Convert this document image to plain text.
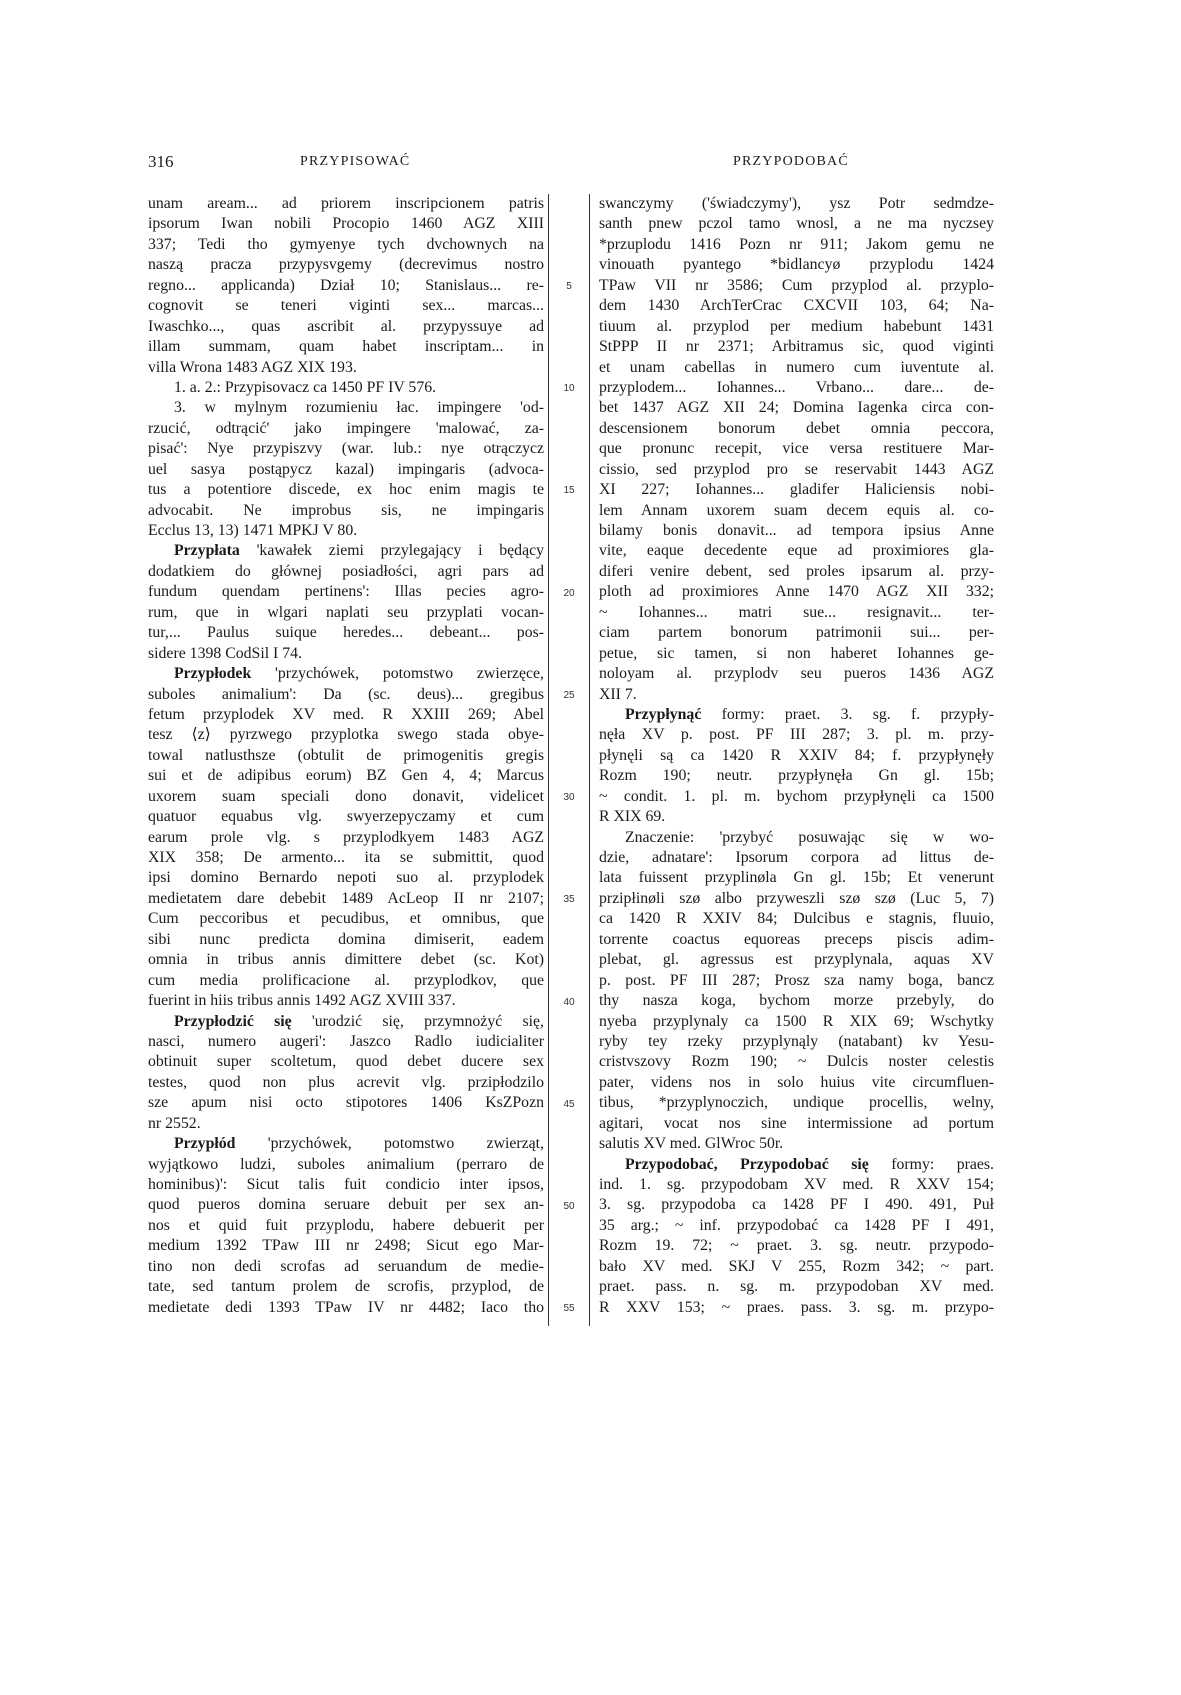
316	PRZYPISOWAĆ	PRZYPODOBAĆ
unam aream... ad priorem inscripcionem patris
ipsorum Iwan nobili Procopio 1460 AGZ XIII
337; Tedi tho gymyenye tych dvchownych na
naszą pracza przypysvgemy (decrevimus nostro
regno... applicanda) Dział 10; Stanislaus... re-
cognovit se teneri viginti sex... marcas...
Iwaschko..., quas ascribit al. przypyssuye ad
illam summam, quam habet inscriptam... in
villa Wrona 1483 AGZ XIX 193.
1. a. 2.: Przypisovacz ca 1450 PF IV 576.
3. w mylnym rozumieniu łac. impingere 'od-
rzucić, odtrącić' jako impingere 'malować, za-
pisać': Nye przypiszvy (war. lub.: nye otrączycz
uel sasya postąpycz kazal) impingaris (advoca-
tus a potentiore discede, ex hoc enim magis te
advocabit. Ne improbus sis, ne impingaris
Ecclus 13, 13) 1471 MPKJ V 80.
Przypłata 'kawałek ziemi przylegający i będący
dodatkiem do głównej posiadłości, agri pars ad
fundum quendam pertinens': Illas pecies agro-
rum, que in wlgari naplati seu przyplati vocan-
tur,... Paulus suique heredes... debeant... pos-
sidere 1398 CodSil I 74.
Przypłodek 'przychówek, potomstwo zwierzęce,
suboles animalium': Da (sc. deus)... gregibus
fetum przyplodek XV med. R XXIII 269; Abel
tesz ⟨z⟩ pyrzwego przyplotka swego stada obye-
towal natlusthsze (obtulit de primogenitis gregis
sui et de adipibus eorum) BZ Gen 4, 4; Marcus
uxorem suam speciali dono donavit, videlicet
quatuor equabus vlg. swyerzepyczamy et cum
earum prole vlg. s przyplodkyem 1483 AGZ
XIX 358; De armento... ita se submittit, quod
ipsi domino Bernardo nepoti suo al. przyplodek
medietatem dare debebit 1489 AcLeop II nr 2107;
Cum peccoribus et pecudibus, et omnibus, que
sibi nunc predicta domina dimiserit, eadem
omnia in tribus annis dimittere debet (sc. Kot)
cum media prolificacione al. przyplodkov, que
fuerint in hiis tribus annis 1492 AGZ XVIII 337.
Przypłodzić się 'urodzić się, przymnożyć się,
nasci, numero augeri': Jaszco Radlo iudicialiter
obtinuit super scoltetum, quod debet ducere sex
testes, quod non plus acrevit vlg. przipłodzilo
sze apum nisi octo stipotores 1406 KsZPozn
nr 2552.
Przypłód 'przychówek, potomstwo zwierząt,
wyjątkowo ludzi, suboles animalium (perraro de
hominibus)': Sicut talis fuit condicio inter ipsos,
quod pueros domina seruare debuit per sex an-
nos et quid fuit przyplodu, habere debuerit per
medium 1392 TPaw III nr 2498; Sicut ego Mar-
tino non dedi scrofas ad seruandum de medie-
tate, sed tantum prolem de scrofis, przyplod, de
medietate dedi 1393 TPaw IV nr 4482; Iaco tho
5
10
15
20
25
30
35
40
45
50
55
swanczymy ('świadczymy'), ysz Potr sedmdze-
santh pnew pczol tamo wnosl, a ne ma nyczsey
*przuplodu 1416 Pozn nr 911; Jakom gemu ne
vinouath pyantego *bidlancyø przyplodu 1424
TPaw VII nr 3586; Cum przyplod al. przyplo-
dem 1430 ArchTerCrac CXCVII 103, 64; Na-
tiuum al. przyplod per medium habebunt 1431
StPPP II nr 2371; Arbitramus sic, quod viginti
et unam cabellas in numero cum iuventute al.
przyplodem... Iohannes... Vrbano... dare... de-
bet 1437 AGZ XII 24; Domina Iagenka circa con-
descensionem bonorum debet omnia peccora,
que pronunc recepit, vice versa restituere Mar-
cissio, sed przyplod pro se reservabit 1443 AGZ
XI 227; Iohannes... gladifer Haliciensis nobi-
lem Annam uxorem suam decem equis al. co-
bilamy bonis donavit... ad tempora ipsius Anne
vite, eaque decedente eque ad proximiores gla-
diferi venire debent, sed proles ipsarum al. przy-
ploth ad proximiores Anne 1470 AGZ XII 332;
~ Iohannes... matri sue... resignavit... ter-
ciam partem bonorum patrimonii sui... per-
petue, sic tamen, si non haberet Iohannes ge-
noloyam al. przyplodv seu pueros 1436 AGZ
XII 7.
Przypłynąć formy: praet. 3. sg. f. przypły-
nęła XV p. post. PF III 287; 3. pl. m. przy-
płynęli są ca 1420 R XXIV 84; f. przypłynęły
Rozm 190; neutr. przypłynęła Gn gl. 15b;
~ condit. 1. pl. m. bychom przypłynęli ca 1500
R XIX 69.
Znaczenie: 'przybyć posuwając się w wo-
dzie, adnatare': Ipsorum corpora ad littus de-
lata fuissent przyplinøla Gn gl. 15b; Et venerunt
przipłinøli szø albo przyweszli szø szø (Luc 5, 7)
ca 1420 R XXIV 84; Dulcibus e stagnis, fluuio,
torrente coactus equoreas preceps piscis adim-
plebat, gl. agressus est przyplynala, aquas XV
p. post. PF III 287; Prosz sza namy boga, bancz
thy nasza koga, bychom morze przebyly, do
nyeba przyplynaly ca 1500 R XIX 69; Wschytky
ryby tey rzeky przyplynąly (natabant) kv Yesu-
cristvszovy Rozm 190; ~ Dulcis noster celestis
pater, videns nos in solo huius vite circumfluen-
tibus, *przyplynoczich, undique procellis, welny,
agitari, vocat nos sine intermissione ad portum
salutis XV med. GlWroc 50r.
Przypodobać, Przypodobać się formy: praes.
ind. 1. sg. przypodobam XV med. R XXV 154;
3. sg. przypodoba ca 1428 PF I 490. 491, Puł
35 arg.; ~ inf. przypodobać ca 1428 PF I 491,
Rozm 19. 72; ~ praet. 3. sg. neutr. przypodo-
bało XV med. SKJ V 255, Rozm 342; ~ part.
praet. pass. n. sg. m. przypodoban XV med.
R XXV 153; ~ praes. pass. 3. sg. m. przypo-
